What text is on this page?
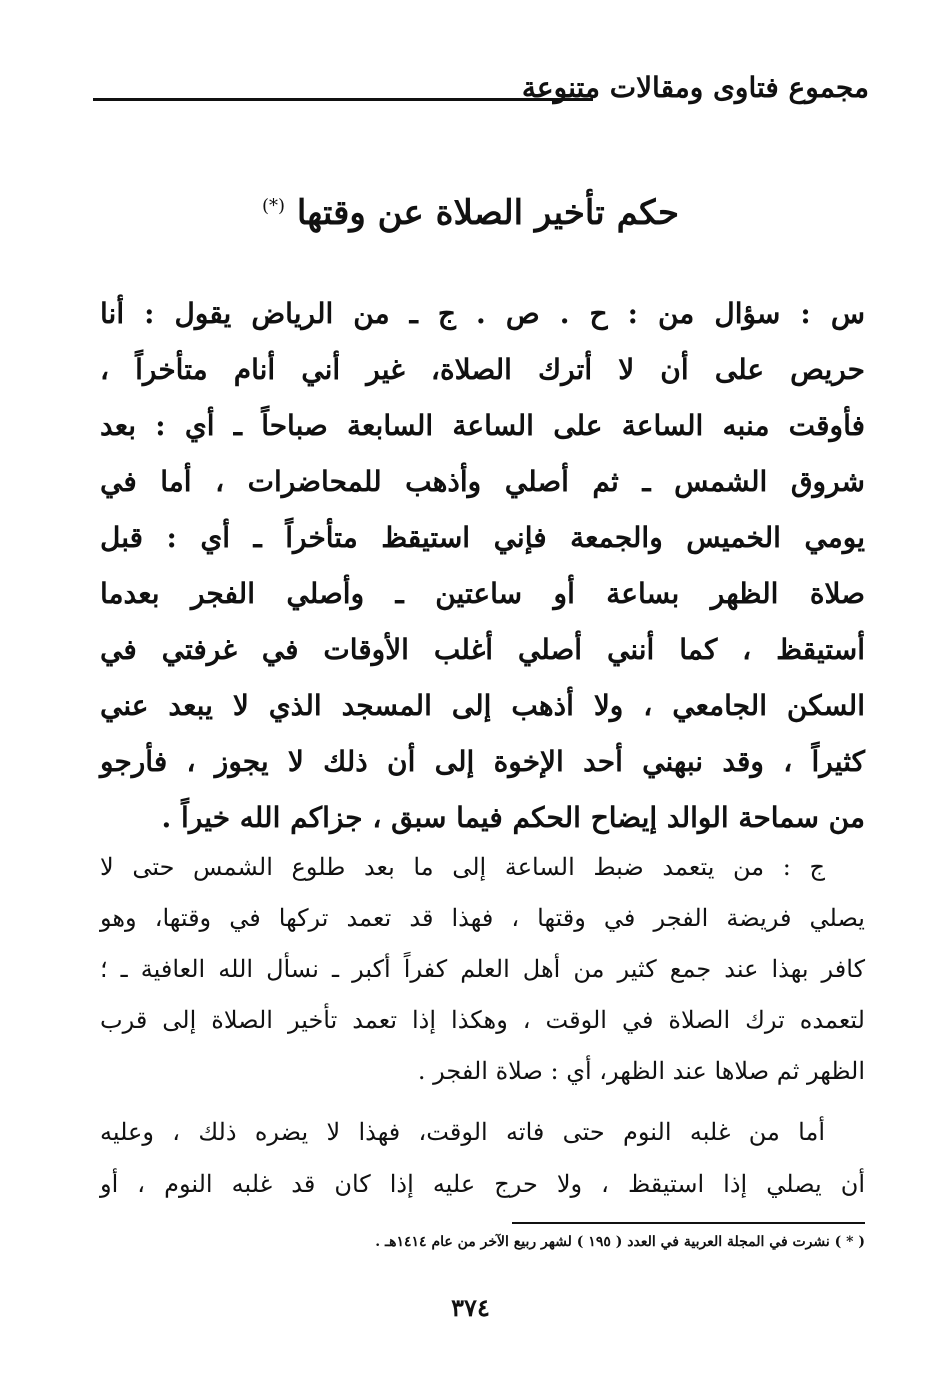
مجموع فتاوى ومقالات متنوعة
حكم تأخير الصلاة عن وقتها (*)
س : سؤال من : ح . ص . ج ـ من الرياض يقول : أنا
حريص على أن لا أترك الصلاة، غير أني أنام متأخراً ،
فأوقت منبه الساعة على الساعة السابعة صباحاً ـ أي : بعد
شروق الشمس ـ ثم أصلي وأذهب للمحاضرات ، أما في
يومي الخميس والجمعة فإني استيقظ متأخراً ـ أي : قبل
صلاة الظهر بساعة أو ساعتين ـ وأصلي الفجر بعدما
أستيقظ ، كما أنني أصلي أغلب الأوقات في غرفتي في
السكن الجامعي ، ولا أذهب إلى المسجد الذي لا يبعد عني
كثيراً ، وقد نبهني أحد الإخوة إلى أن ذلك لا يجوز ، فأرجو
من سماحة الوالد إيضاح الحكم فيما سبق ، جزاكم الله خيراً .
ج : من يتعمد ضبط الساعة إلى ما بعد طلوع الشمس حتى لا
يصلي فريضة الفجر في وقتها ، فهذا قد تعمد تركها في وقتها، وهو
كافر بهذا عند جمع كثير من أهل العلم كفراً أكبر ـ نسأل الله العافية ـ ؛
لتعمده ترك الصلاة في الوقت ، وهكذا إذا تعمد تأخير الصلاة إلى قرب
الظهر ثم صلاها عند الظهر، أي : صلاة الفجر .
أما من غلبه النوم حتى فاته الوقت، فهذا لا يضره ذلك ، وعليه
أن يصلي إذا استيقظ ، ولا حرج عليه إذا كان قد غلبه النوم ، أو
( * ) نشرت في المجلة العربية في العدد ( ١٩٥ ) لشهر ربيع الآخر من عام ١٤١٤هـ .
٣٧٤
